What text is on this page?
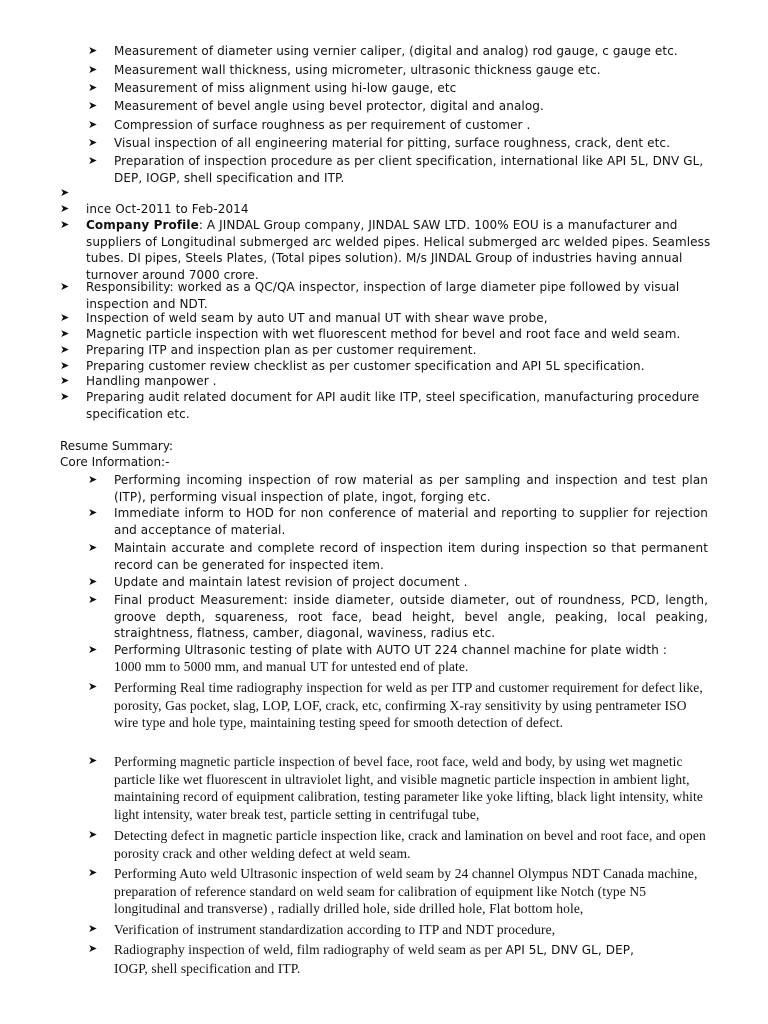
➤	Measurement of diameter using vernier caliper, (digital and analog) rod gauge, c gauge etc.
➤	Measurement wall thickness, using micrometer, ultrasonic thickness gauge etc.
➤	Measurement of miss alignment using hi-low gauge, etc
➤	Measurement of bevel angle using bevel protector, digital and analog.
➤	Compression of surface roughness as per requirement of customer .
➤	Visual inspection of all engineering material for pitting, surface roughness, crack, dent etc.
➤	Preparation of inspection procedure as per client specification, international like API 5L, DNV GL, DEP, IOGP, shell specification and ITP.
➤
➤	ince Oct-2011 to Feb-2014
➤	Company Profile: A JINDAL Group company, JINDAL SAW LTD. 100% EOU is a manufacturer and suppliers of Longitudinal submerged arc welded pipes. Helical submerged arc welded pipes. Seamless tubes. DI pipes, Steels Plates, (Total pipes solution). M/s JINDAL Group of industries having annual turnover around 7000 crore.
➤	Responsibility: worked as a QC/QA inspector, inspection of large diameter pipe followed by visual inspection and NDT.
➤	Inspection of weld seam by auto UT and manual UT with shear wave probe,
➤	Magnetic particle inspection with wet fluorescent method for bevel and root face and weld seam.
➤	Preparing ITP and inspection plan as per customer requirement.
➤	Preparing customer review checklist as per customer specification and API 5L specification.
➤	Handling manpower .
➤	Preparing audit related document for API audit like ITP, steel specification, manufacturing procedure specification etc.
Resume Summary:
Core Information:-
➤	Performing incoming inspection of row material as per sampling and inspection and test plan (ITP), performing visual inspection of plate, ingot, forging etc.
➤	Immediate inform to HOD for non conference of material and reporting to supplier for rejection and acceptance of material.
➤	Maintain accurate and complete record of inspection item during inspection so that permanent record can be generated for inspected item.
➤	Update and maintain latest revision of project document .
➤	Final product Measurement: inside diameter, outside diameter, out of roundness, PCD, length, groove depth, squareness, root face, bead height, bevel angle, peaking, local peaking, straightness, flatness, camber, diagonal, waviness, radius etc.
➤	Performing Ultrasonic testing of plate with AUTO UT 224 channel machine for plate width :
1000 mm to 5000 mm, and manual UT for untested end of plate.
➤	Performing Real time radiography inspection for weld as per ITP and customer requirement for defect like, porosity, Gas pocket, slag, LOP, LOF, crack, etc, confirming X-ray sensitivity by using pentrameter ISO wire type and hole type, maintaining testing speed for smooth detection of defect.
➤	Performing magnetic particle inspection of bevel face, root face, weld and body, by using wet magnetic particle like wet fluorescent in ultraviolet light, and visible magnetic particle inspection in ambient light, maintaining record of equipment calibration, testing parameter like yoke lifting, black light intensity, white light intensity, water break test, particle setting in centrifugal tube,
➤	Detecting defect in magnetic particle inspection like, crack and lamination on bevel and root face, and open porosity crack and other welding defect at weld seam.
➤	Performing Auto weld Ultrasonic inspection of weld seam by 24 channel Olympus NDT Canada machine, preparation of reference standard on weld seam for calibration of equipment like Notch (type N5 longitudinal and transverse) , radially drilled hole, side drilled hole, Flat bottom hole,
➤	Verification of instrument standardization according to ITP and NDT procedure,
➤	Radiography inspection of weld, film radiography of weld seam as per API 5L, DNV GL, DEP,
IOGP, shell specification and ITP.
